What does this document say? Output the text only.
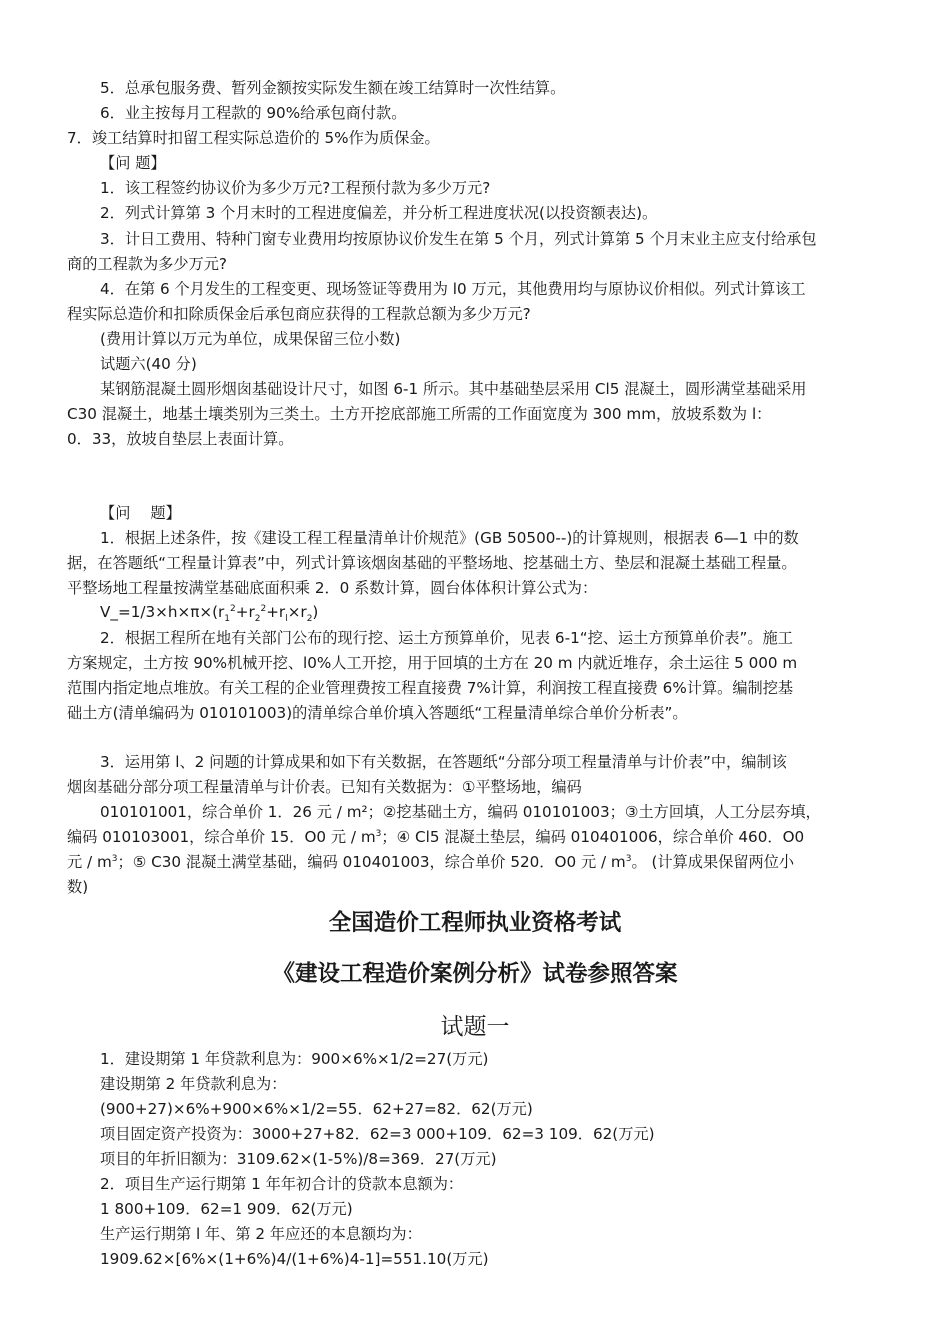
5．总承包服务费、暂列金额按实际发生额在竣工结算时一次性结算。

6．业主按每月工程款的 90%给承包商付款。

7．竣工结算时扣留工程实际总造价的 5%作为质保金。

【问 题】

1．该工程签约协议价为多少万元?工程预付款为多少万元?

2．列式计算第 3 个月末时的工程进度偏差，并分析工程进度状况(以投资额表达)。

3．计日工费用、特种门窗专业费用均按原协议价发生在第 5 个月，列式计算第 5 个月末业主应支付给承包

商的工程款为多少万元?

4．在第 6 个月发生的工程变更、现场签证等费用为 l0 万元，其他费用均与原协议价相似。列式计算该工

程实际总造价和扣除质保金后承包商应获得的工程款总额为多少万元?

(费用计算以万元为单位，成果保留三位小数)

试题六(40 分)

某钢筋混凝土圆形烟囱基础设计尺寸，如图 6-1 所示。其中基础垫层采用 Cl5 混凝土，圆形满堂基础采用

C30 混凝土，地基土壤类别为三类土。土方开挖底部施工所需的工作面宽度为 300 mm，放坡系数为 l：

0．33，放坡自垫层上表面计算。

【问　 题】

1．根据上述条件，按《建设工程工程量清单计价规范》(GB 50500--)的计算规则，根据表 6—1 中的数

据，在答题纸“工程量计算表”中，列式计算该烟囱基础的平整场地、挖基础土方、垫层和混凝土基础工程量。

平整场地工程量按满堂基础底面积乘 2．0 系数计算，圆台体体积计算公式为：

$V\_=1/3\times h\times\pi\times(r_1^2+r_2^2+r_l\times r_2)$

2．根据工程所在地有关部门公布的现行挖、运土方预算单价，见表 6-1“挖、运土方预算单价表”。施工

方案规定，土方按 90%机械开挖、l0%人工开挖，用于回填的土方在 20 m 内就近堆存，余土运往 5 000 m

范围内指定地点堆放。有关工程的企业管理费按工程直接费 7%计算，利润按工程直接费 6%计算。编制挖基

础土方(清单编码为 010101003)的清单综合单价填入答题纸“工程量清单综合单价分析表”。

3．运用第 l、2 问题的计算成果和如下有关数据，在答题纸“分部分项工程量清单与计价表”中，编制该

烟囱基础分部分项工程量清单与计价表。已知有关数据为：①平整场地，编码

010101001，综合单价 1．26 元 / m²；②挖基础土方，编码 010101003；③土方回填，人工分层夯填，

编码 010103001，综合单价 15．O0 元 / $m^3$；④ Cl5 混凝土垫层，编码 010401006，综合单价 460．O0

元 / $m^3$；⑤ C30 混凝土满堂基础，编码 010401003，综合单价 520．O0 元 / $m^3$。 (计算成果保留两位小

数)

全国造价工程师执业资格考试
《建设工程造价案例分析》试卷参照答案
试题一

1．建设期第 1 年贷款利息为：900×6%×1/2=27(万元)

建设期第 2 年贷款利息为：

(900+27)×6%+900×6%×1/2=55．62+27=82．62(万元)

项目固定资产投资为：3000+27+82．62=3 000+109．62=3 109．62(万元)

项目的年折旧额为：3109.62×(1-5%)/8=369．27(万元)

2．项目生产运行期第 1 年年初合计的贷款本息额为：

1 800+109．62=1 909．62(万元)

生产运行期第 l 年、第 2 年应还的本息额均为：

1909.62×[6%×(1+6%)4/(1+6%)4-1]=551.10(万元)
